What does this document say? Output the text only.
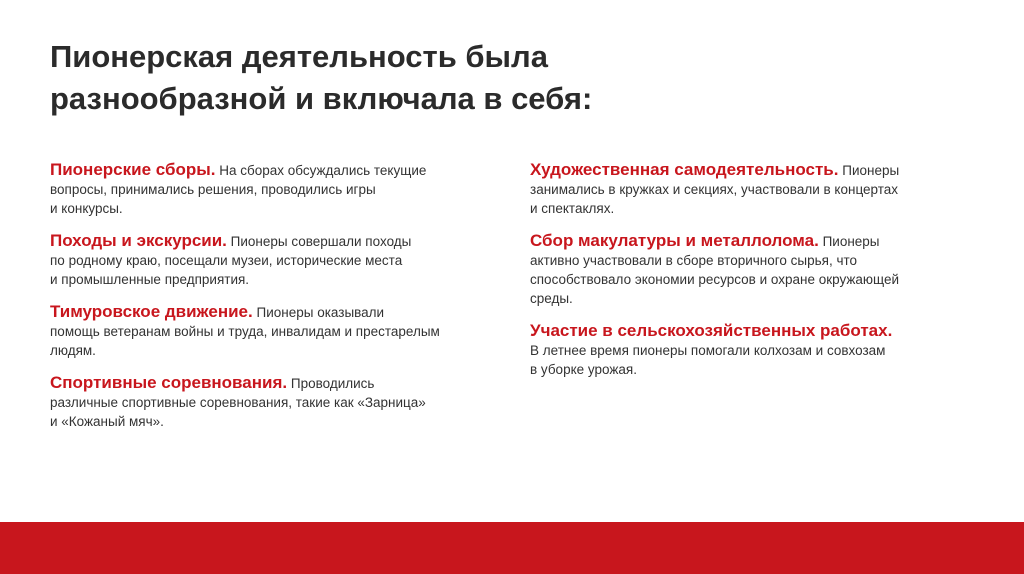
Пионерская деятельность была
разнообразной и включала в себя:

Пионерские сборы. На сборах обсуждались текущие
вопросы, принимались решения, проводились игры
и конкурсы.

Походы и экскурсии. Пионеры совершали походы
по родному краю, посещали музеи, исторические места
и промышленные предприятия.

Тимуровское движение. Пионеры оказывали
помощь ветеранам войны и труда, инвалидам и престарелым
людям.

Спортивные соревнования. Проводились
различные спортивные соревнования, такие как «Зарница»
и «Кожаный мяч».

Художественная самодеятельность. Пионеры
занимались в кружках и секциях, участвовали в концертах
и спектаклях.

Сбор макулатуры и металлолома. Пионеры
активно участвовали в сборе вторичного сырья, что
способствовало экономии ресурсов и охране окружающей
среды.

Участие в сельскохозяйственных работах.
В летнее время пионеры помогали колхозам и совхозам
в уборке урожая.
